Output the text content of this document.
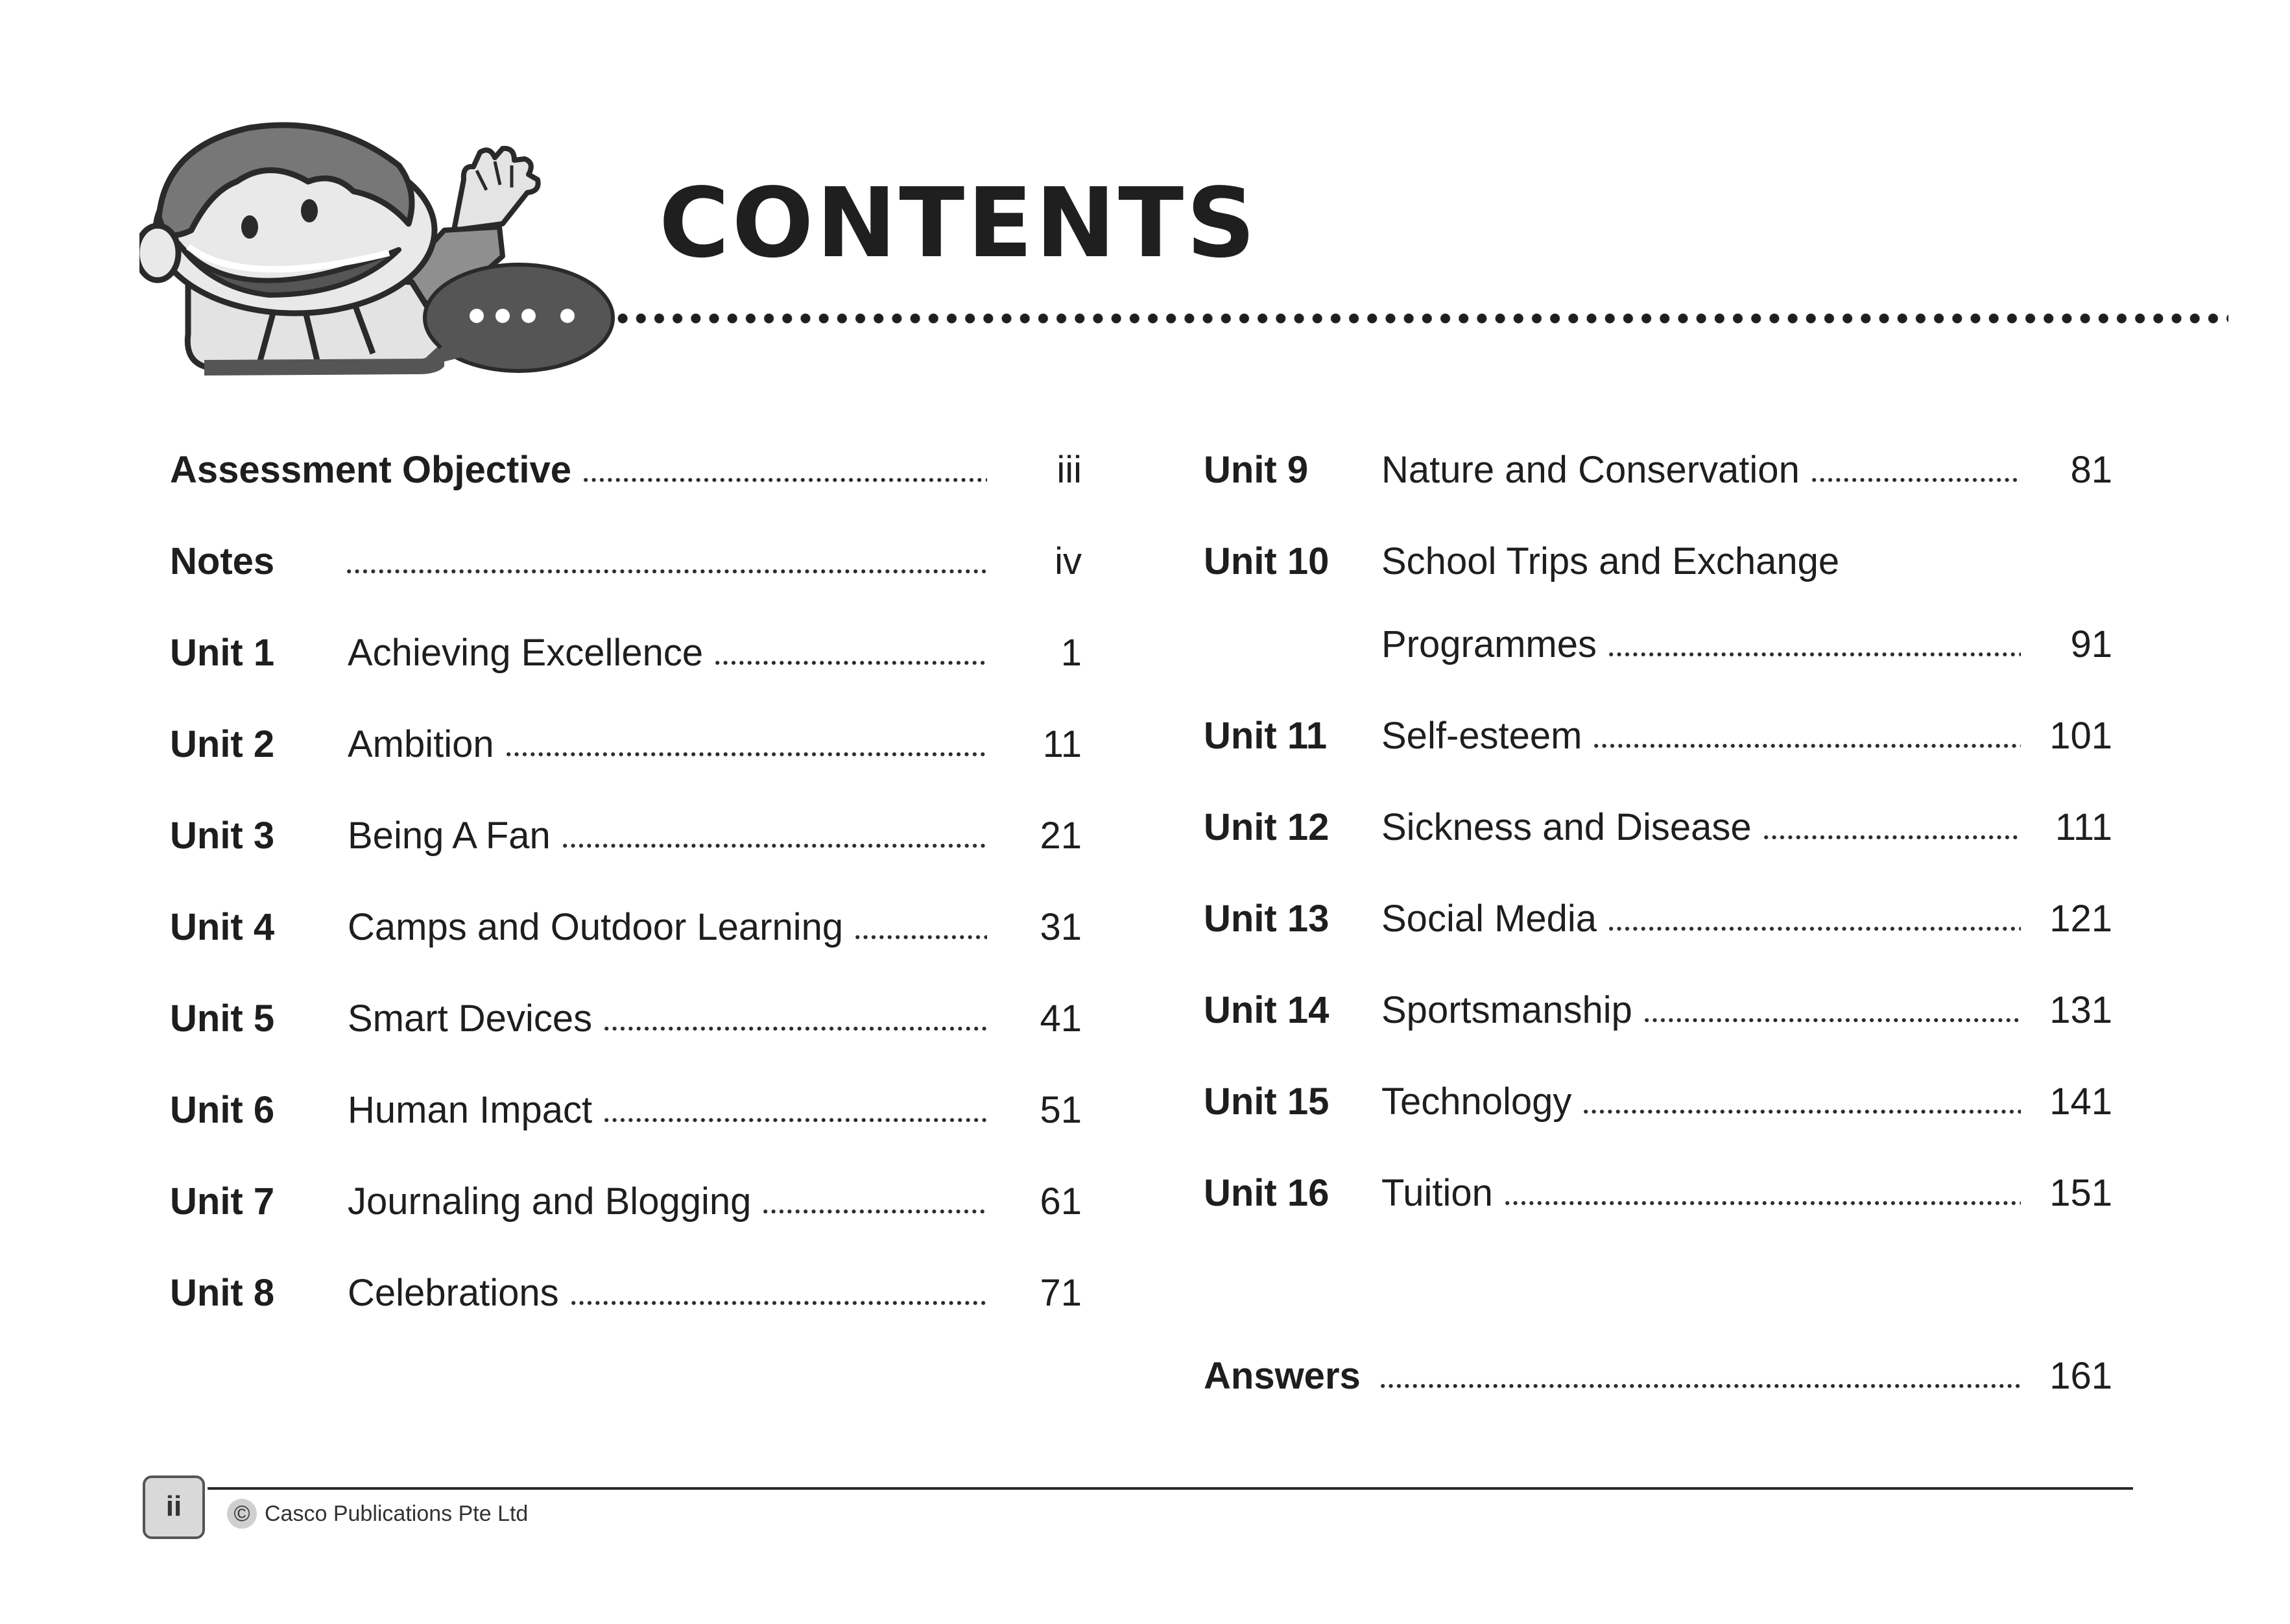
CONTENTS
Assessment Objective	iii
Notes	iv
Unit 1 Achieving Excellence	1
Unit 2 Ambition	11
Unit 3 Being A Fan	21
Unit 4 Camps and Outdoor Learning	31
Unit 5 Smart Devices	41
Unit 6 Human Impact	51
Unit 7 Journaling and Blogging	61
Unit 8 Celebrations	71
Unit 9 Nature and Conservation	81
Unit 10 School Trips and Exchange
Programmes	91
Unit 11 Self-esteem	101
Unit 12 Sickness and Disease	111
Unit 13 Social Media	121
Unit 14 Sportsmanship	131
Unit 15 Technology	141
Unit 16 Tuition	151
Answers	161
ii	© Casco Publications Pte Ltd
